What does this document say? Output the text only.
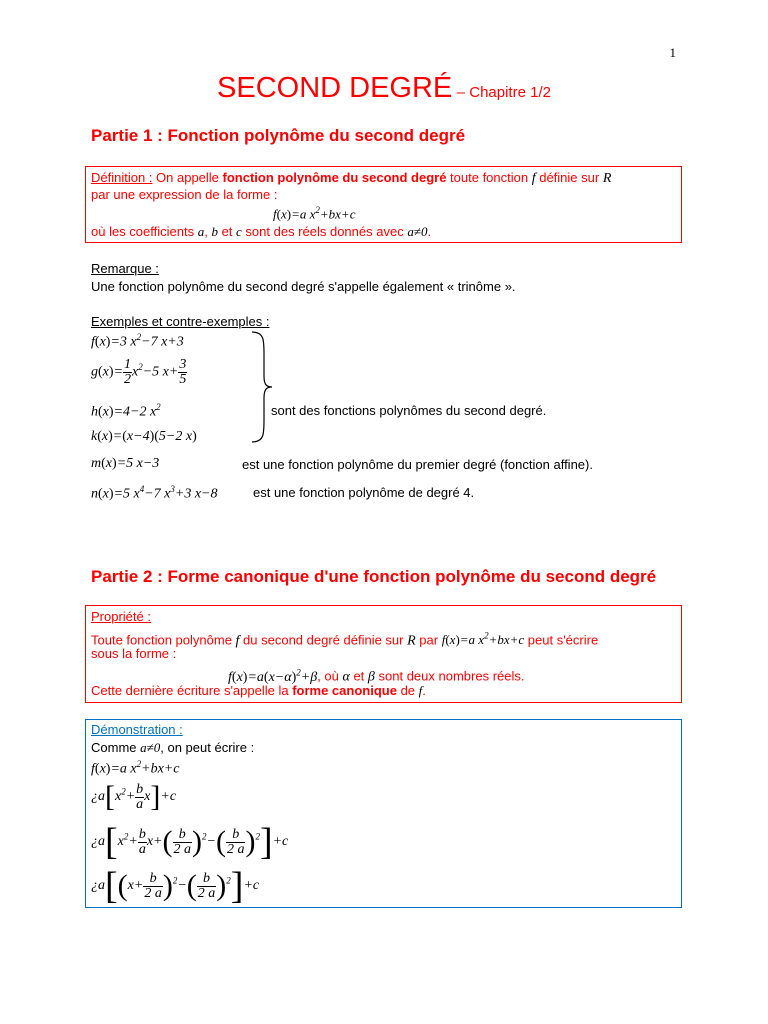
1
SECOND DEGRÉ – Chapitre 1/2
Partie 1 : Fonction polynôme du second degré
Définition : On appelle fonction polynôme du second degré toute fonction f définie sur R
par une expression de la forme :
f(x)=a $x^2+bx+c$
où les coefficients a, b et c sont des réels donnés avec a≠0.
Remarque :
Une fonction polynôme du second degré s'appelle également « trinôme ».
Exemples et contre-exemples :
f(x)=3 $x^2-7$ x+3
$g(x)= \frac{1}{2} x^2-5$ $x+ \frac{3}{5}$
h(x)=4−2 $x^2$
k(x)=(x−4)(5−2 x)
sont des fonctions polynômes du second degré.
m(x)=5 x−3	est une fonction polynôme du premier degré (fonction affine).
n(x)=5 $x^4-7$ $x^3+3$ x−8	est une fonction polynôme de degré 4.
Partie 2 : Forme canonique d'une fonction polynôme du second degré
Propriété :
Toute fonction polynôme f du second degré définie sur R par f(x)=a $x^2+bx+c$ peut s'écrire
sous la forme :
$f(x)=a(x-\alpha)^2+\beta$, où α et β sont deux nombres réels.
Cette dernière écriture s'appelle la forme canonique de f.
Démonstration :
Comme a≠0, on peut écrire :
f(x)=a $x^2+bx+c$
¿$a[x^2+ \frac{b}{a} x]+c$
¿$a[x^2+ \frac{b}{a} x+( \frac{b}{2 a} )^2-( \frac{b}{2 a} )^2]+c$
¿$a[(x+ \frac{b}{2 a} )^2-( \frac{b}{2 a} )^2]+c$
